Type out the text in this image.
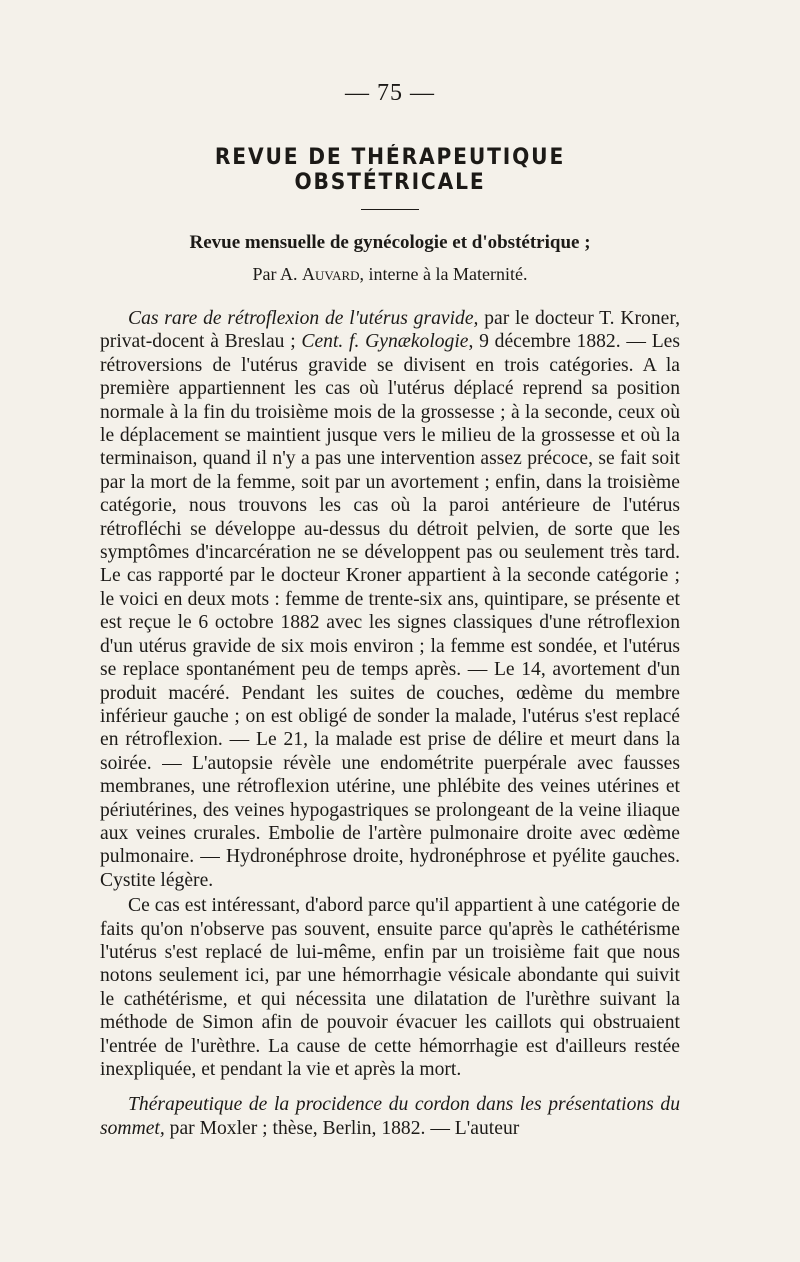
— 75 —
REVUE DE THÉRAPEUTIQUE OBSTÉTRICALE
Revue mensuelle de gynécologie et d'obstétrique ;
Par A. Auvard, interne à la Maternité.

Cas rare de rétroflexion de l'utérus gravide, par le docteur T. Kroner, privat-docent à Breslau ; Cent. f. Gynækologie, 9 décembre 1882. — Les rétroversions de l'utérus gravide se divisent en trois catégories. A la première appartiennent les cas où l'utérus déplacé reprend sa position normale à la fin du troisième mois de la grossesse ; à la seconde, ceux où le déplacement se maintient jusque vers le milieu de la grossesse et où la terminaison, quand il n'y a pas une intervention assez précoce, se fait soit par la mort de la femme, soit par un avortement ; enfin, dans la troisième catégorie, nous trouvons les cas où la paroi antérieure de l'utérus rétrofléchi se développe au-dessus du détroit pelvien, de sorte que les symptômes d'incarcération ne se développent pas ou seulement très tard. Le cas rapporté par le docteur Kroner appartient à la seconde catégorie ; le voici en deux mots : femme de trente-six ans, quintipare, se présente et est reçue le 6 octobre 1882 avec les signes classiques d'une rétroflexion d'un utérus gravide de six mois environ ; la femme est sondée, et l'utérus se replace spontanément peu de temps après. — Le 14, avortement d'un produit macéré. Pendant les suites de couches, œdème du membre inférieur gauche ; on est obligé de sonder la malade, l'utérus s'est replacé en rétroflexion. — Le 21, la malade est prise de délire et meurt dans la soirée. — L'autopsie révèle une endométrite puerpérale avec fausses membranes, une rétroflexion utérine, une phlébite des veines utérines et périutérines, des veines hypogastriques se prolongeant de la veine iliaque aux veines crurales. Embolie de l'artère pulmonaire droite avec œdème pulmonaire. — Hydronéphrose droite, hydronéphrose et pyélite gauches. Cystite légère.

Ce cas est intéressant, d'abord parce qu'il appartient à une catégorie de faits qu'on n'observe pas souvent, ensuite parce qu'après le cathétérisme l'utérus s'est replacé de lui-même, enfin par un troisième fait que nous notons seulement ici, par une hémorrhagie vésicale abondante qui suivit le cathétérisme, et qui nécessita une dilatation de l'urèthre suivant la méthode de Simon afin de pouvoir évacuer les caillots qui obstruaient l'entrée de l'urèthre. La cause de cette hémorrhagie est d'ailleurs restée inexpliquée, et pendant la vie et après la mort.

Thérapeutique de la procidence du cordon dans les présentations du sommet, par Moxler ; thèse, Berlin, 1882. — L'auteur
